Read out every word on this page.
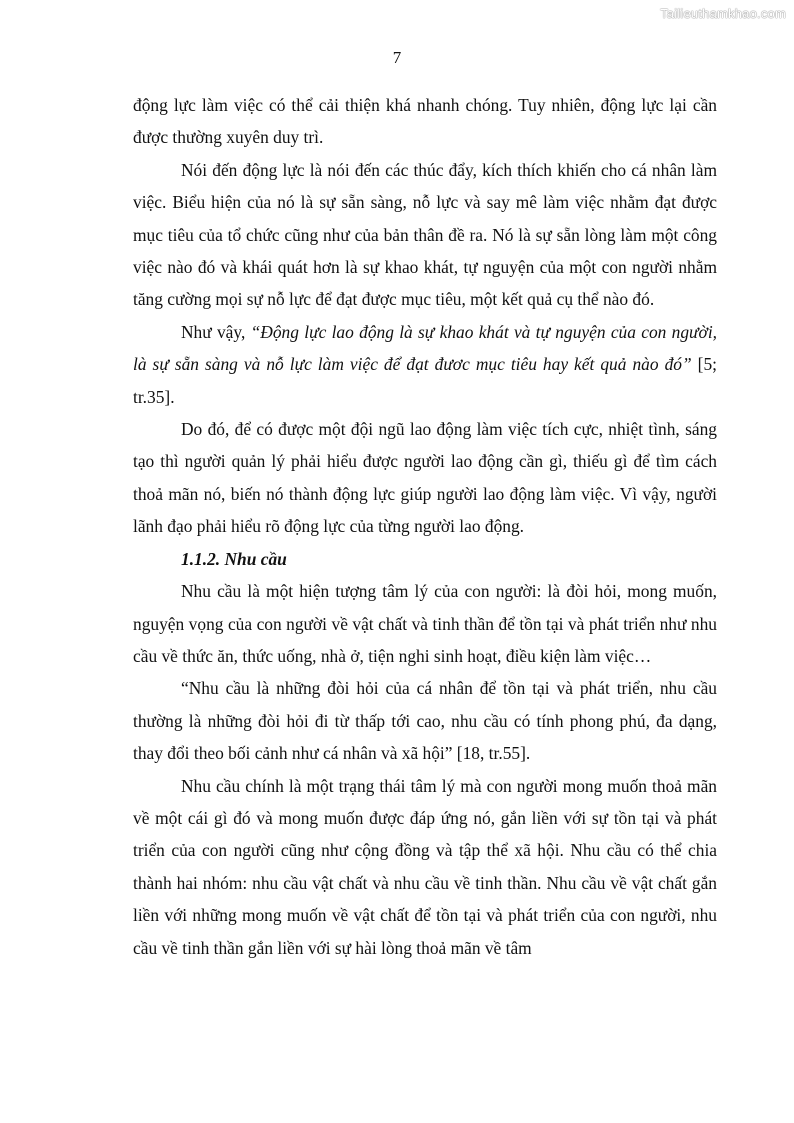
Tailieuthamkhao.com
7

động lực làm việc có thể cải thiện khá nhanh chóng. Tuy nhiên, động lực lại cần được thường xuyên duy trì.

Nói đến động lực là nói đến các thúc đẩy, kích thích khiến cho cá nhân làm việc. Biểu hiện của nó là sự sẵn sàng, nỗ lực và say mê làm việc nhằm đạt được mục tiêu của tổ chức cũng như của bản thân đề ra. Nó là sự sẵn lòng làm một công việc nào đó và khái quát hơn là sự khao khát, tự nguyện của một con người nhằm tăng cường mọi sự nỗ lực để đạt được mục tiêu, một kết quả cụ thể nào đó.

Như vậy, “Động lực lao động là sự khao khát và tự nguyện của con người, là sự sẵn sàng và nỗ lực làm việc để đạt đươc mục tiêu hay kết quả nào đó” [5; tr.35].

Do đó, để có được một đội ngũ lao động làm việc tích cực, nhiệt tình, sáng tạo thì người quản lý phải hiểu được người lao động cần gì, thiếu gì để tìm cách thoả mãn nó, biến nó thành động lực giúp người lao động làm việc. Vì vậy, người lãnh đạo phải hiểu rõ động lực của từng người lao động.

1.1.2. Nhu cầu

Nhu cầu là một hiện tượng tâm lý của con người: là đòi hỏi, mong muốn, nguyện vọng của con người về vật chất và tinh thần để tồn tại và phát triển như nhu cầu về thức ăn, thức uống, nhà ở, tiện nghi sinh hoạt, điều kiện làm việc…

“Nhu cầu là những đòi hỏi của cá nhân để tồn tại và phát triển, nhu cầu thường là những đòi hỏi đi từ thấp tới cao, nhu cầu có tính phong phú, đa dạng, thay đổi theo bối cảnh như cá nhân và xã hội” [18, tr.55].

Nhu cầu chính là một trạng thái tâm lý mà con người mong muốn thoả mãn về một cái gì đó và mong muốn được đáp ứng nó, gắn liền với sự tồn tại và phát triển của con người cũng như cộng đồng và tập thể xã hội. Nhu cầu có thể chia thành hai nhóm: nhu cầu vật chất và nhu cầu về tinh thần. Nhu cầu về vật chất gắn liền với những mong muốn về vật chất để tồn tại và phát triển của con người, nhu cầu về tinh thần gắn liền với sự hài lòng thoả mãn về tâm
